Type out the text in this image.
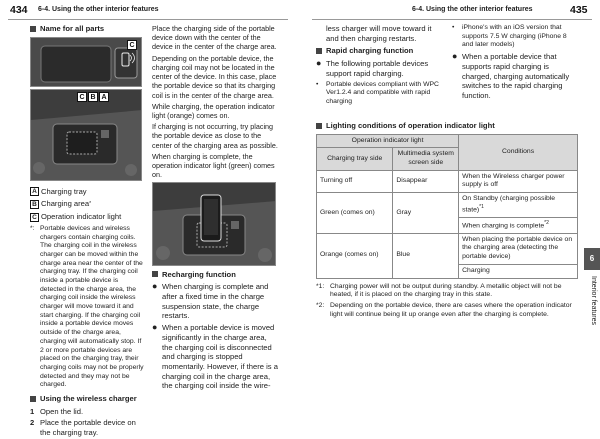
434 6-4. Using the other interior features	6-4. Using the other interior features	435
Name for all parts
C
C B A
A Charging tray
B Charging area *
C Operation indicator light
*: Portable devices and wireless chargers contain charging coils. The charging coil in the wireless charger can be moved within the charge area near the center of the charging tray. If the charging coil inside a portable device is detected in the charge area, the charging coil inside the wireless charger will move toward it and start charging. If the charging coil inside a portable device moves outside of the charge area, charging will automatically stop. If 2 or more portable devices are placed on the charging tray, their charging coils may not be properly detected and they may not be charged.
Using the wireless charger
1 Open the lid.
2 Place the portable device on the charging tray.

Place the charging side of the portable device down with the center of the device in the center of the charge area.

Depending on the portable device, the charging coil may not be located in the center of the device. In this case, place the portable device so that its charging coil is in the center of the charge area.

While charging, the operation indicator light (orange) comes on.

If charging is not occurring, try placing the portable device as close to the center of the charging area as possible.

When charging is complete, the operation indicator light (green) comes on.

Recharging function
● When charging is complete and after a fixed time in the charge suspension state, the charge restarts.
● When a portable device is moved significantly in the charge area, the charging coil is disconnected and charging is stopped momentarily. However, if there is a charging coil in the charge area, the charging coil inside the wire-

less charger will move toward it and then charging restarts.

Rapid charging function
● The following portable devices support rapid charging.
•	Portable devices compliant with WPC Ver1.2.4 and compatible with rapid charging
•	iPhone's with an iOS version that supports 7.5 W charging (iPhone 8 and later models)
● When a portable device that supports rapid charging is charged, charging automatically switches to the rapid charging function.
Lighting conditions of operation indicator light
Operation indicator light		Conditions
Charging tray side	Multimedia system screen side	
Turning off	Disappear	When the Wireless charger power supply is off
Green (comes on)	Gray	On Standby (charging possible state)$^{*1}$
		When charging is complete$^{*2}$
Orange (comes on)	Blue	When placing the portable device on the charging area (detecting the portable device)
		Charging
*1: Charging power will not be output during standby. A metallic object will not be heated, if it is placed on the charging tray in this state.
*2: Depending on the portable device, there are cases where the operation indicator light will continue being lit up orange even after the charging is complete.
6
Interior features
